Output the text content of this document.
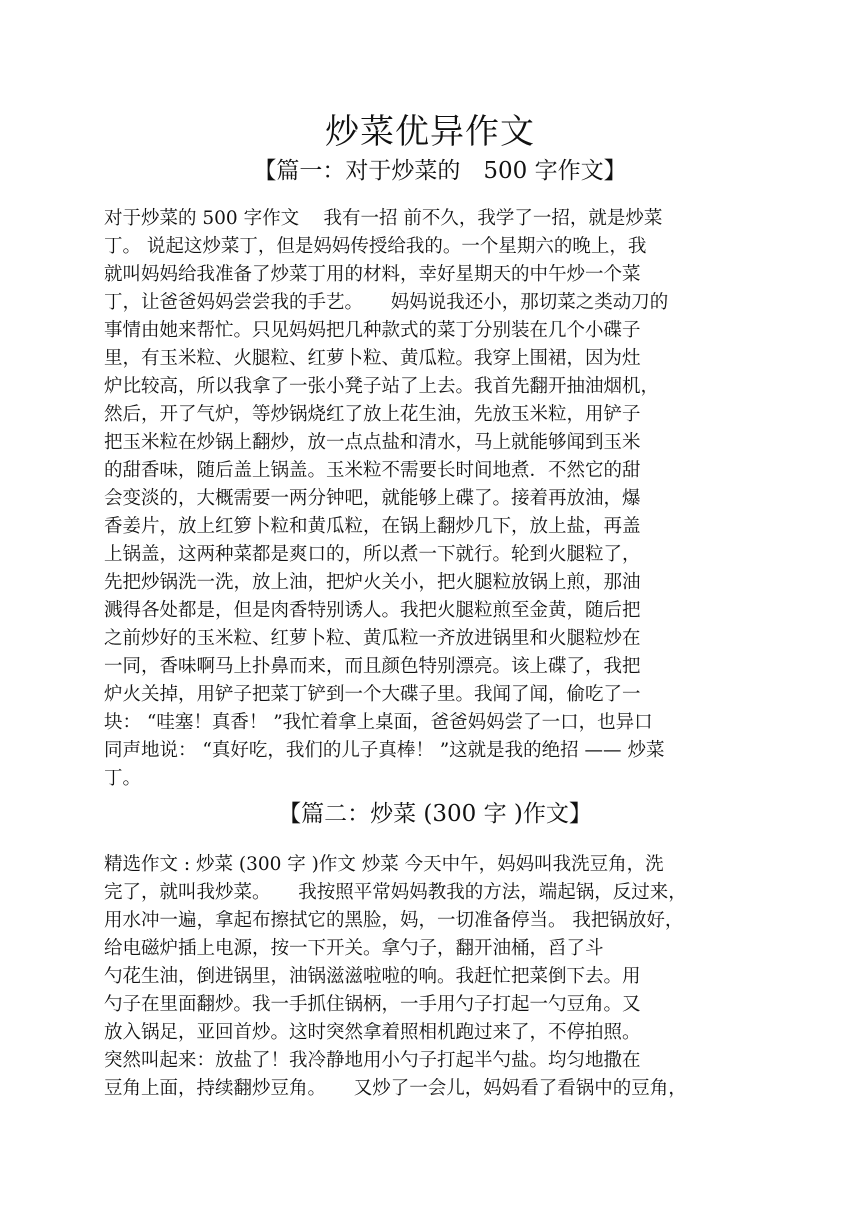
炒菜优异作文
【篇一：对于炒菜的　500 字作文】
对于炒菜的 500 字作文　 我有一招 前不久，我学了一招，就是炒菜
丁。 说起这炒菜丁，但是妈妈传授给我的。一个星期六的晚上，我
就叫妈妈给我准备了炒菜丁用的材料，幸好星期天的中午炒一个菜
丁，让爸爸妈妈尝尝我的手艺。　　妈妈说我还小，那切菜之类动刀的
事情由她来帮忙。只见妈妈把几种款式的菜丁分别装在几个小碟子
里，有玉米粒、火腿粒、红萝卜粒、黄瓜粒。我穿上围裙，因为灶
炉比较高，所以我拿了一张小凳子站了上去。我首先翻开抽油烟机，
然后，开了气炉，等炒锅烧红了放上花生油，先放玉米粒，用铲子
把玉米粒在炒锅上翻炒，放一点点盐和清水，马上就能够闻到玉米
的甜香味，随后盖上锅盖。玉米粒不需要长时间地煮．不然它的甜
会变淡的，大概需要一两分钟吧，就能够上碟了。接着再放油，爆
香姜片，放上红箩卜粒和黄瓜粒，在锅上翻炒几下，放上盐，再盖
上锅盖，这两种菜都是爽口的，所以煮一下就行。轮到火腿粒了，
先把炒锅洗一洗，放上油，把炉火关小，把火腿粒放锅上煎，那油
溅得各处都是，但是肉香特别诱人。我把火腿粒煎至金黄，随后把
之前炒好的玉米粒、红萝卜粒、黄瓜粒一齐放进锅里和火腿粒炒在
一同，香味啊马上扑鼻而来，而且颜色特别漂亮。该上碟了，我把
炉火关掉，用铲子把菜丁铲到一个大碟子里。我闻了闻，偷吃了一
块： “哇塞！真香！ ”我忙着拿上桌面，爸爸妈妈尝了一口，也异口
同声地说： “真好吃，我们的儿子真棒！ ”这就是我的绝招 —— 炒菜
丁。
【篇二：炒菜 (300 字 )作文】
精选作文 : 炒菜 (300 字 )作文 炒菜 今天中午，妈妈叫我洗豆角，洗
完了，就叫我炒菜。　　我按照平常妈妈教我的方法，端起锅，反过来，
用水冲一遍，拿起布擦拭它的黑脸，妈，一切准备停当。 我把锅放好，
给电磁炉插上电源，按一下开关。拿勺子，翻开油桶，舀了斗
勺花生油，倒进锅里，油锅滋滋啦啦的响。我赶忙把菜倒下去。用
勺子在里面翻炒。我一手抓住锅柄，一手用勺子打起一勺豆角。又
放入锅足，亚回首炒。这时突然拿着照相机跑过来了，不停拍照。
突然叫起来：放盐了！我冷静地用小勺子打起半勺盐。均匀地撒在
豆角上面，持续翻炒豆角。　　又炒了一会儿，妈妈看了看锅中的豆角，
